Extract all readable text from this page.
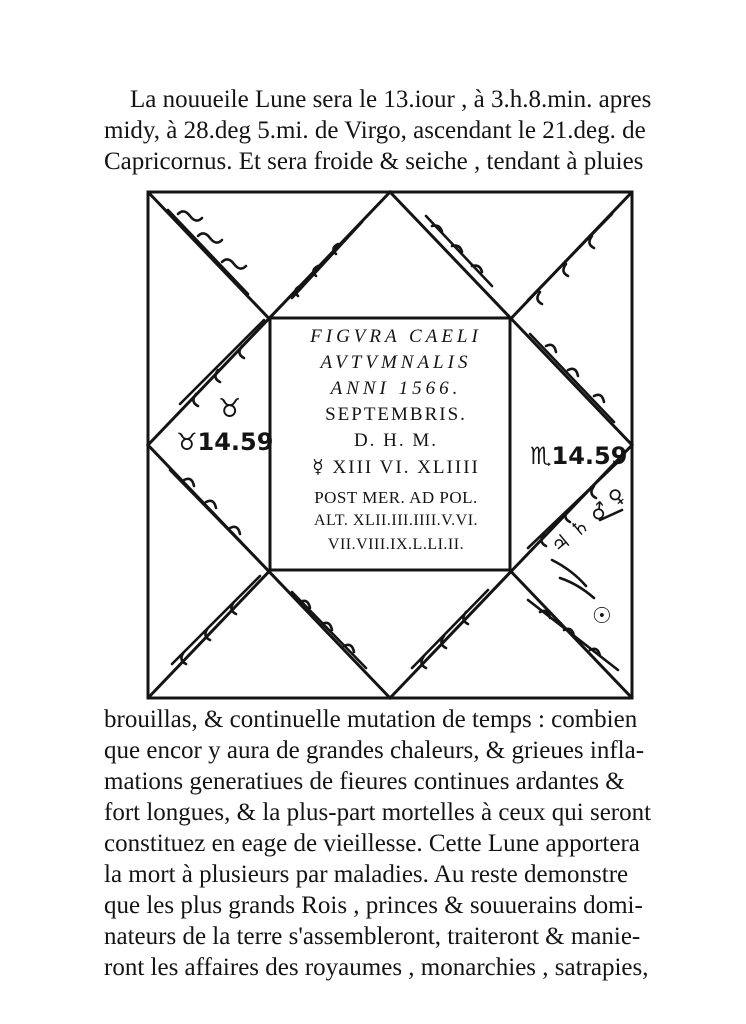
La nouueile Lune sera le 13.iour , à 3.h.8.min. apres
midy, à 28.deg 5.mi. de Virgo, ascendant le 21.deg. de
Capricornus. Et sera froide & seiche , tendant à pluies
♉
♉14.59	♏14.59
♃ ♄ ♂ ♀
☉
FIGVRA CAELI
AVTVMNALIS
ANNI 1566.
SEPTEMBRIS.
D. H. M.
☿ XIII VI. XLIIII
POST MER. AD POL.
ALT. XLII.III.IIII.V.VI.
VII.VIII.IX.L.LI.II.
brouillas, & continuelle mutation de temps : combien
que encor y aura de grandes chaleurs, & grieues infla-
mations generatiues de fieures continues ardantes &
fort longues, & la plus-part mortelles à ceux qui seront
constituez en eage de vieillesse. Cette Lune apportera
la mort à plusieurs par maladies. Au reste demonstre
que les plus grands Rois , princes & souuerains domi-
nateurs de la terre s'assembleront, traiteront & manie-
ront les affaires des royaumes , monarchies , satrapies,
